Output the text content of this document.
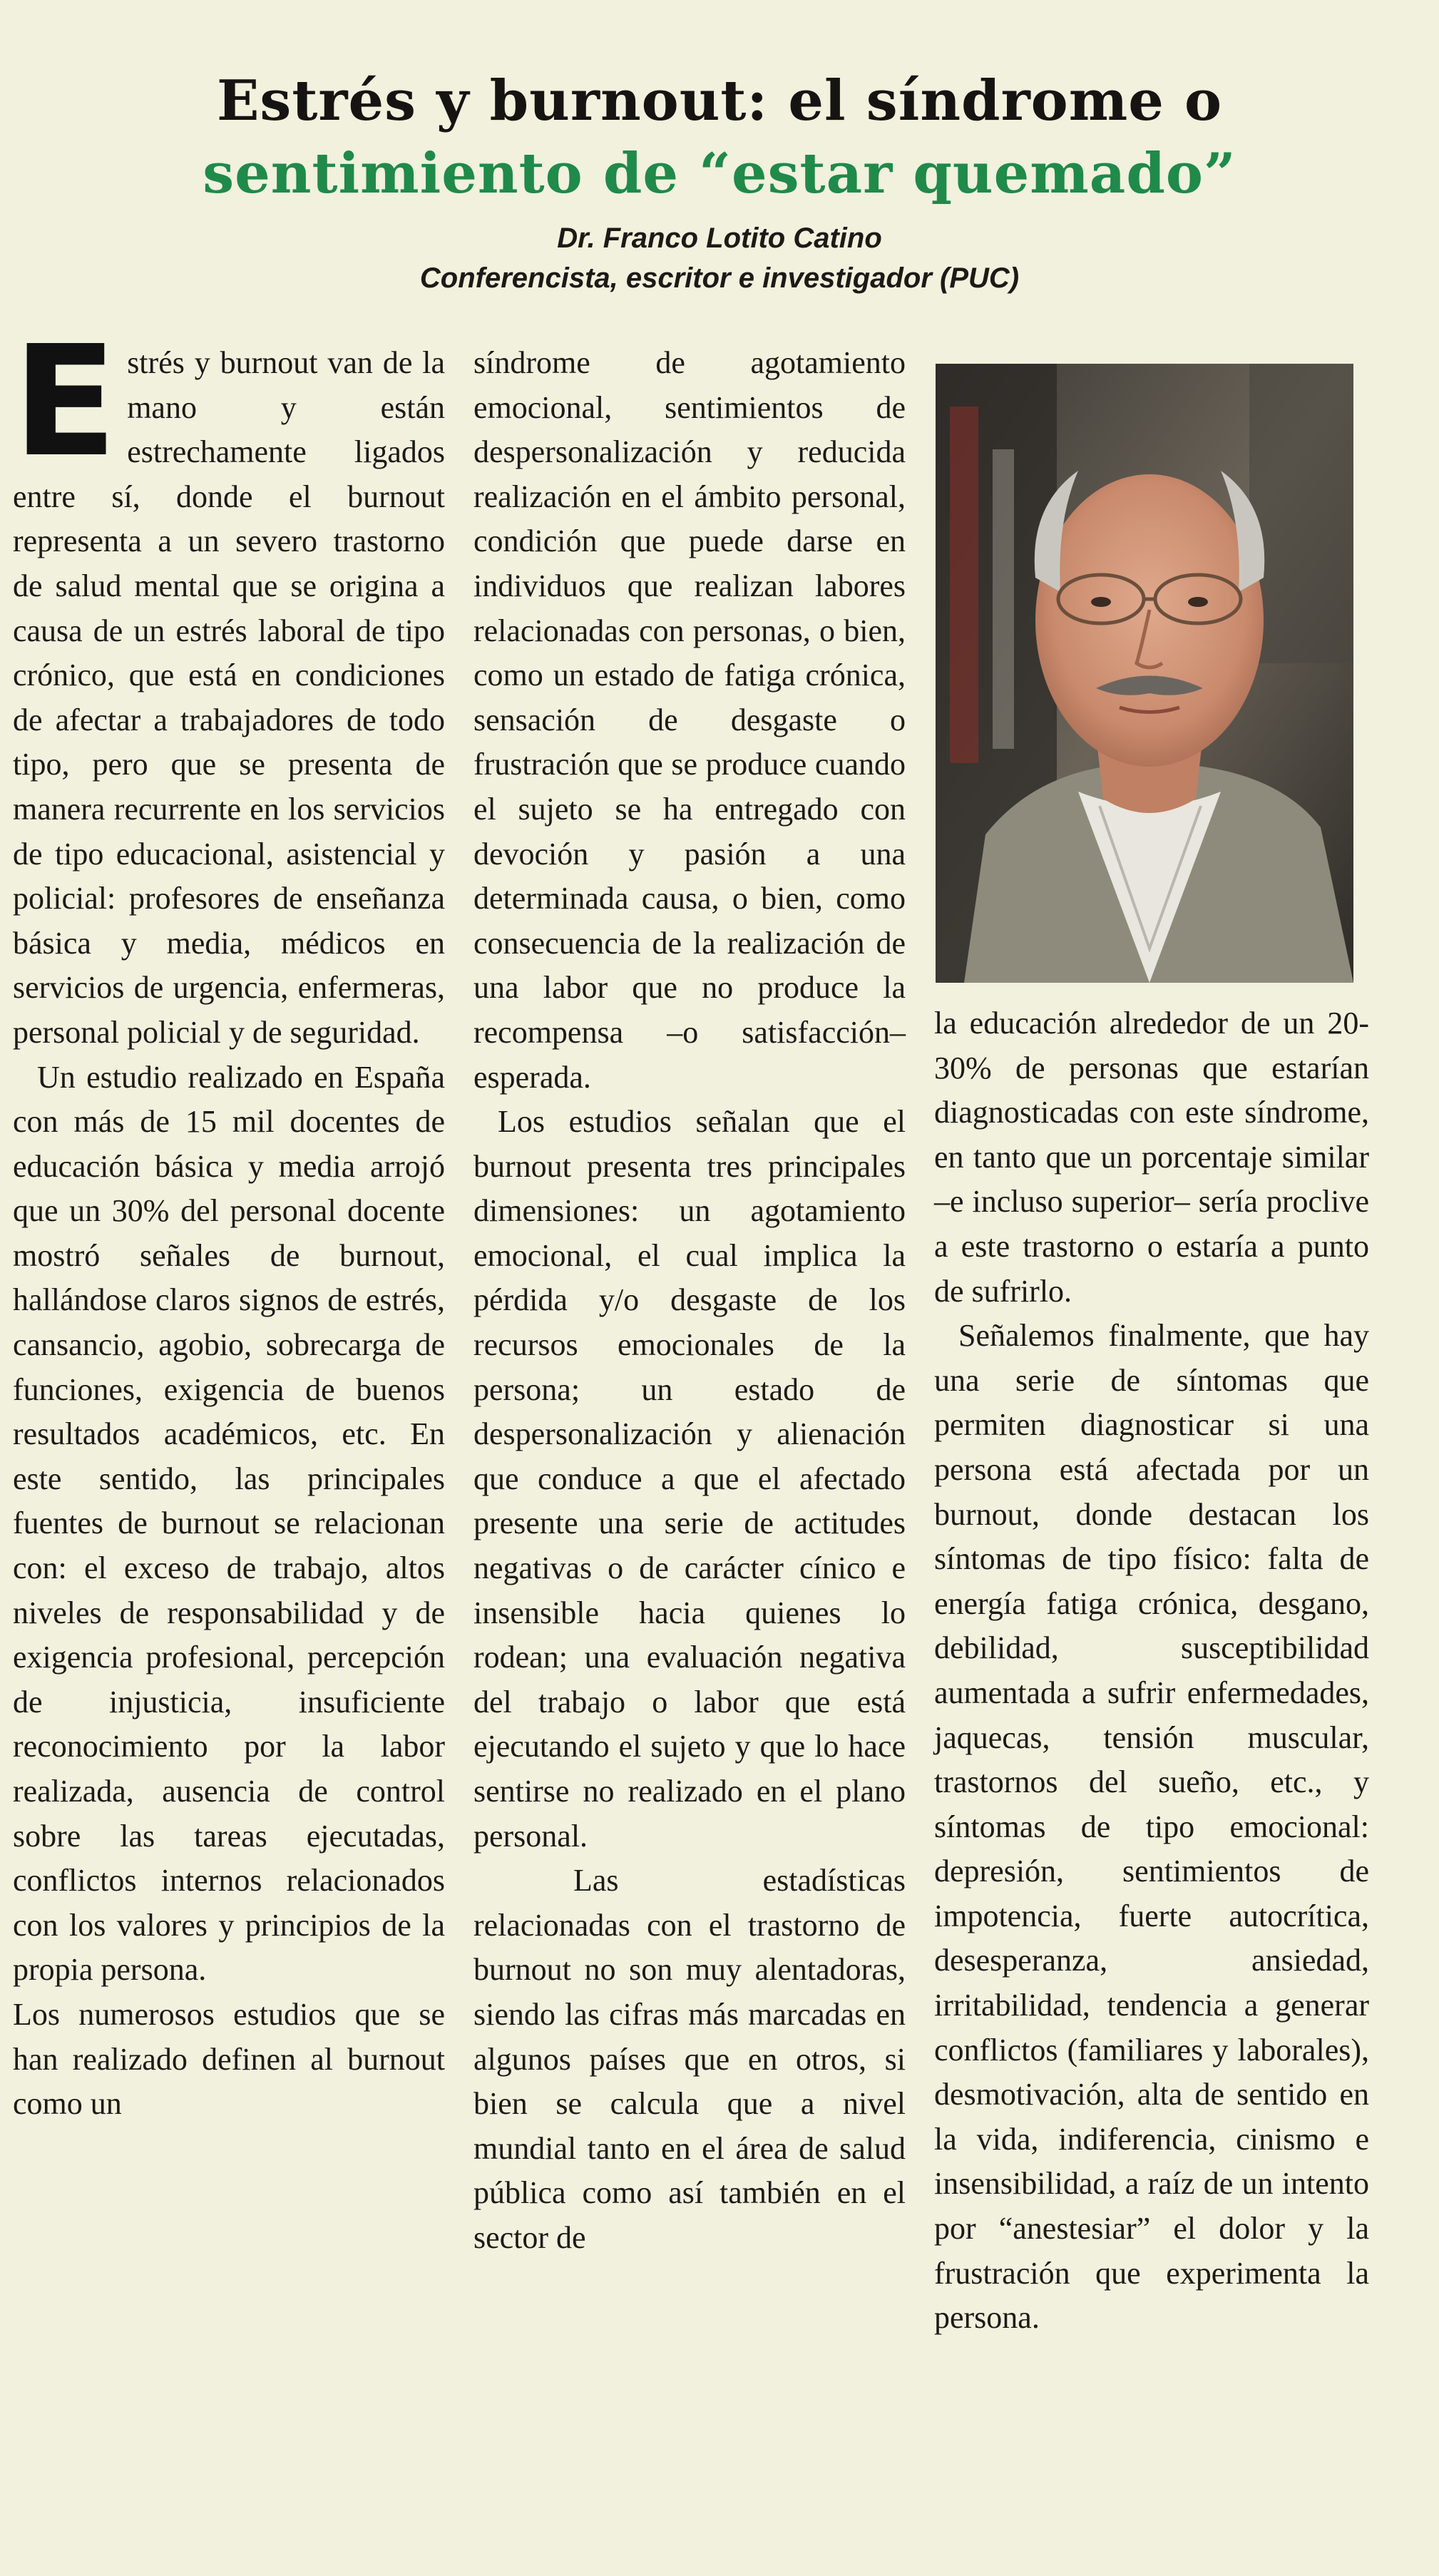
Estrés y burnout: el síndrome o
sentimiento de “estar quemado”
Dr. Franco Lotito Catino
Conferencista, escritor e investigador (PUC)

Estrés y burnout van de la mano y están estrechamente ligados entre sí, donde el burnout representa a un severo trastorno de salud mental que se origina a causa de un estrés laboral de tipo crónico, que está en condiciones de afectar a trabajadores de todo tipo, pero que se presenta de manera recurrente en los servicios de tipo educacional, asistencial y policial: profesores de enseñanza básica y media, médicos en servicios de urgencia, enfermeras, personal policial y de seguridad.

Un estudio realizado en España con más de 15 mil docentes de educación básica y media arrojó que un 30% del personal docente mostró señales de burnout, hallándose claros signos de estrés, cansancio, agobio, sobrecarga de funciones, exigencia de buenos resultados académicos, etc. En este sentido, las principales fuentes de burnout se relacionan con: el exceso de trabajo, altos niveles de responsabilidad y de exigencia profesional, percepción de injusticia, insuficiente reconocimiento por la labor realizada, ausencia de control sobre las tareas ejecutadas, conflictos internos relacionados con los valores y principios de la propia persona.

Los numerosos estudios que se han realizado definen al burnout como un

síndrome de agotamiento emocional, sentimientos de despersonalización y reducida realización en el ámbito personal, condición que puede darse en individuos que realizan labores relacionadas con personas, o bien, como un estado de fatiga crónica, sensación de desgaste o frustración que se produce cuando el sujeto se ha entregado con devoción y pasión a una determinada causa, o bien, como consecuencia de la realización de una labor que no produce la recompensa –o satisfacción– esperada.

Los estudios señalan que el burnout presenta tres principales dimensiones: un agotamiento emocional, el cual implica la pérdida y/o desgaste de los recursos emocionales de la persona; un estado de despersonalización y alienación que conduce a que el afectado presente una serie de actitudes negativas o de carácter cínico e insensible hacia quienes lo rodean; una evaluación negativa del trabajo o labor que está ejecutando el sujeto y que lo hace sentirse no realizado en el plano personal.

Las estadísticas relacionadas con el trastorno de burnout no son muy alentadoras, siendo las cifras más marcadas en algunos países que en otros, si bien se calcula que a nivel mundial tanto en el área de salud pública como así también en el sector de

la educación alrededor de un 20-30% de personas que estarían diagnosticadas con este síndrome, en tanto que un porcentaje similar –e incluso superior– sería proclive a este trastorno o estaría a punto de sufrirlo.

Señalemos finalmente, que hay una serie de síntomas que permiten diagnosticar si una persona está afectada por un burnout, donde destacan los síntomas de tipo físico: falta de energía fatiga crónica, desgano, debilidad, susceptibilidad aumentada a sufrir enfermedades, jaquecas, tensión muscular, trastornos del sueño, etc., y síntomas de tipo emocional: depresión, sentimientos de impotencia, fuerte autocrítica, desesperanza, ansiedad, irritabilidad, tendencia a generar conflictos (familiares y laborales), desmotivación, alta de sentido en la vida, indiferencia, cinismo e insensibilidad, a raíz de un intento por “anestesiar” el dolor y la frustración que experimenta la persona.
